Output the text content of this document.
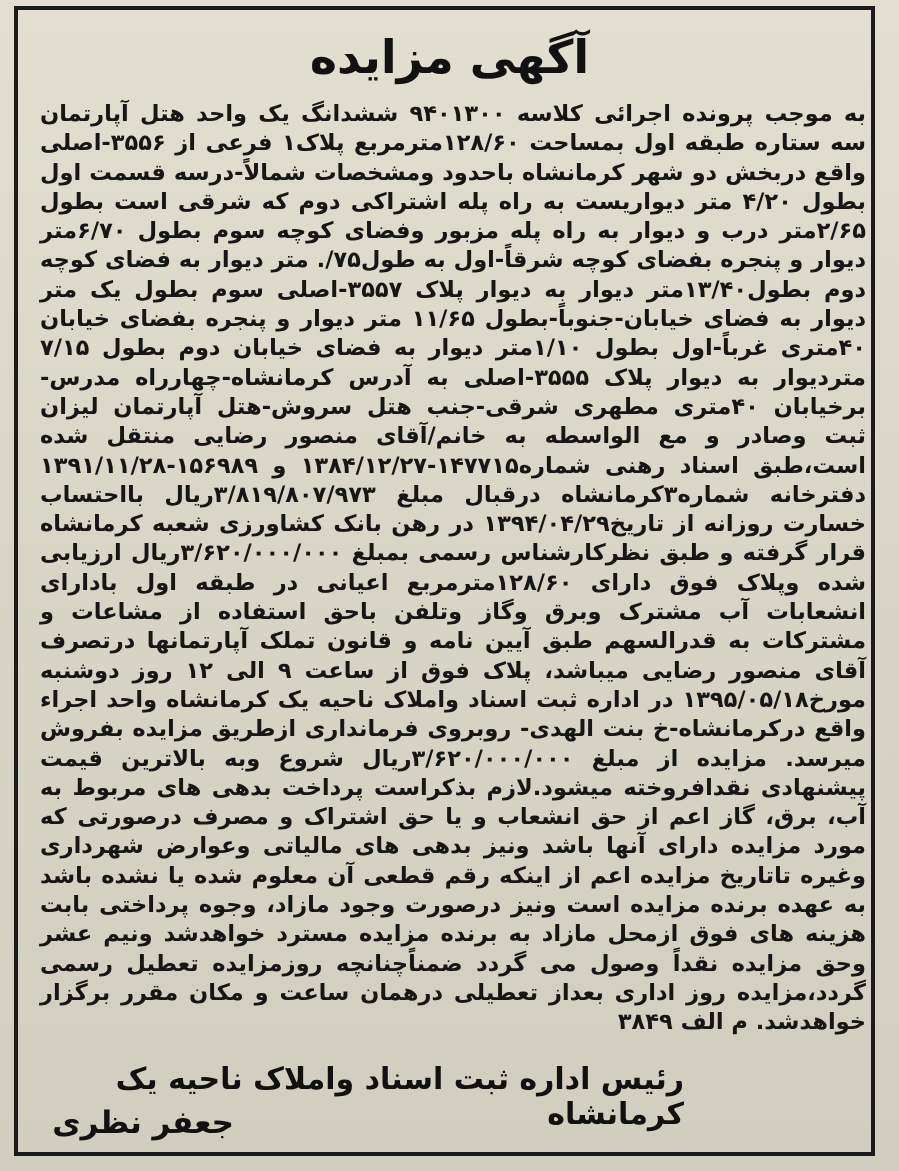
آگهی مزایده

به موجب پرونده اجرائی کلاسه ۹۴۰۱۳۰۰ ششدانگ یک واحد هتل آپارتمان سه ستاره طبقه اول بمساحت ۱۲۸/۶۰مترمربع پلاک۱ فرعی از ۳۵۵۶-اصلی واقع دربخش دو شهر کرمانشاه باحدود ومشخصات شمالاً-درسه قسمت اول بطول ۴/۲۰ متر دیواریست به راه پله اشتراکی دوم که شرقی است بطول ۲/۶۵متر درب و دیوار به راه پله مزبور وفضای کوچه سوم بطول ۶/۷۰متر دیوار و پنجره بفضای کوچه شرقاً-اول به طول۷۵/. متر دیوار به فضای کوچه دوم بطول۱۳/۴۰متر دیوار به دیوار پلاک ۳۵۵۷-اصلی سوم بطول یک متر دیوار به فضای خیابان-جنوباً-بطول ۱۱/۶۵ متر دیوار و پنجره بفضای خیابان ۴۰متری غرباً-اول بطول ۱/۱۰متر دیوار به فضای خیابان دوم بطول ۷/۱۵ متردیوار به دیوار پلاک ۳۵۵۵-اصلی به آدرس کرمانشاه-چهارراه مدرس-برخیابان ۴۰متری مطهری شرقی-جنب هتل سروش-هتل آپارتمان لیزان ثبت وصادر و مع الواسطه به خانم/آقای منصور رضایی منتقل شده است،طبق اسناد رهنی شماره۱۴۷۷۱۵-۱۳۸۴/۱۲/۲۷ و ۱۵۶۹۸۹-۱۳۹۱/۱۱/۲۸ دفترخانه شماره۳کرمانشاه درقبال مبلغ ۳/۸۱۹/۸۰۷/۹۷۳ریال بااحتساب خسارت روزانه از تاریخ۱۳۹۴/۰۴/۲۹ در رهن بانک کشاورزی شعبه کرمانشاه قرار گرفته و طبق نظرکارشناس رسمی بمبلغ ۳/۶۲۰/۰۰۰/۰۰۰ریال ارزیابی شده وپلاک فوق دارای ۱۲۸/۶۰مترمربع اعیانی در طبقه اول بادارای انشعابات آب مشترک وبرق وگاز وتلفن باحق استفاده از مشاعات و مشترکات به قدرالسهم طبق آیین نامه و قانون تملک آپارتمانها درتصرف آقای منصور رضایی میباشد، پلاک فوق از ساعت ۹ الی ۱۲ روز دوشنبه مورخ۱۳۹۵/۰۵/۱۸ در اداره ثبت اسناد واملاک ناحیه یک کرمانشاه واحد اجراء واقع درکرمانشاه-خ بنت الهدی- روبروی فرمانداری ازطریق مزایده بفروش میرسد. مزایده از مبلغ ۳/۶۲۰/۰۰۰/۰۰۰ریال شروع وبه بالاترین قیمت پیشنهادی نقدافروخته میشود.لازم بذکراست پرداخت بدهی های مربوط به آب، برق، گاز اعم از حق انشعاب و یا حق اشتراک و مصرف درصورتی که مورد مزایده دارای آنها باشد ونیز بدهی های مالیاتی وعوارض شهرداری وغیره تاتاریخ مزایده اعم از اینکه رقم قطعی آن معلوم شده یا نشده باشد به عهده برنده مزایده است ونیز درصورت وجود مازاد، وجوه پرداختی بابت هزینه های فوق ازمحل مازاد به برنده مزایده مسترد خواهدشد ونیم عشر وحق مزایده نقداً وصول می گردد ضمناًچنانچه روزمزایده تعطیل رسمی گردد،مزایده روز اداری بعداز تعطیلی درهمان ساعت و مکان مقرر برگزار خواهدشد. م الف ۳۸۴۹

رئیس اداره ثبت اسناد واملاک ناحیه یک کرمانشاه
جعفر نظری
